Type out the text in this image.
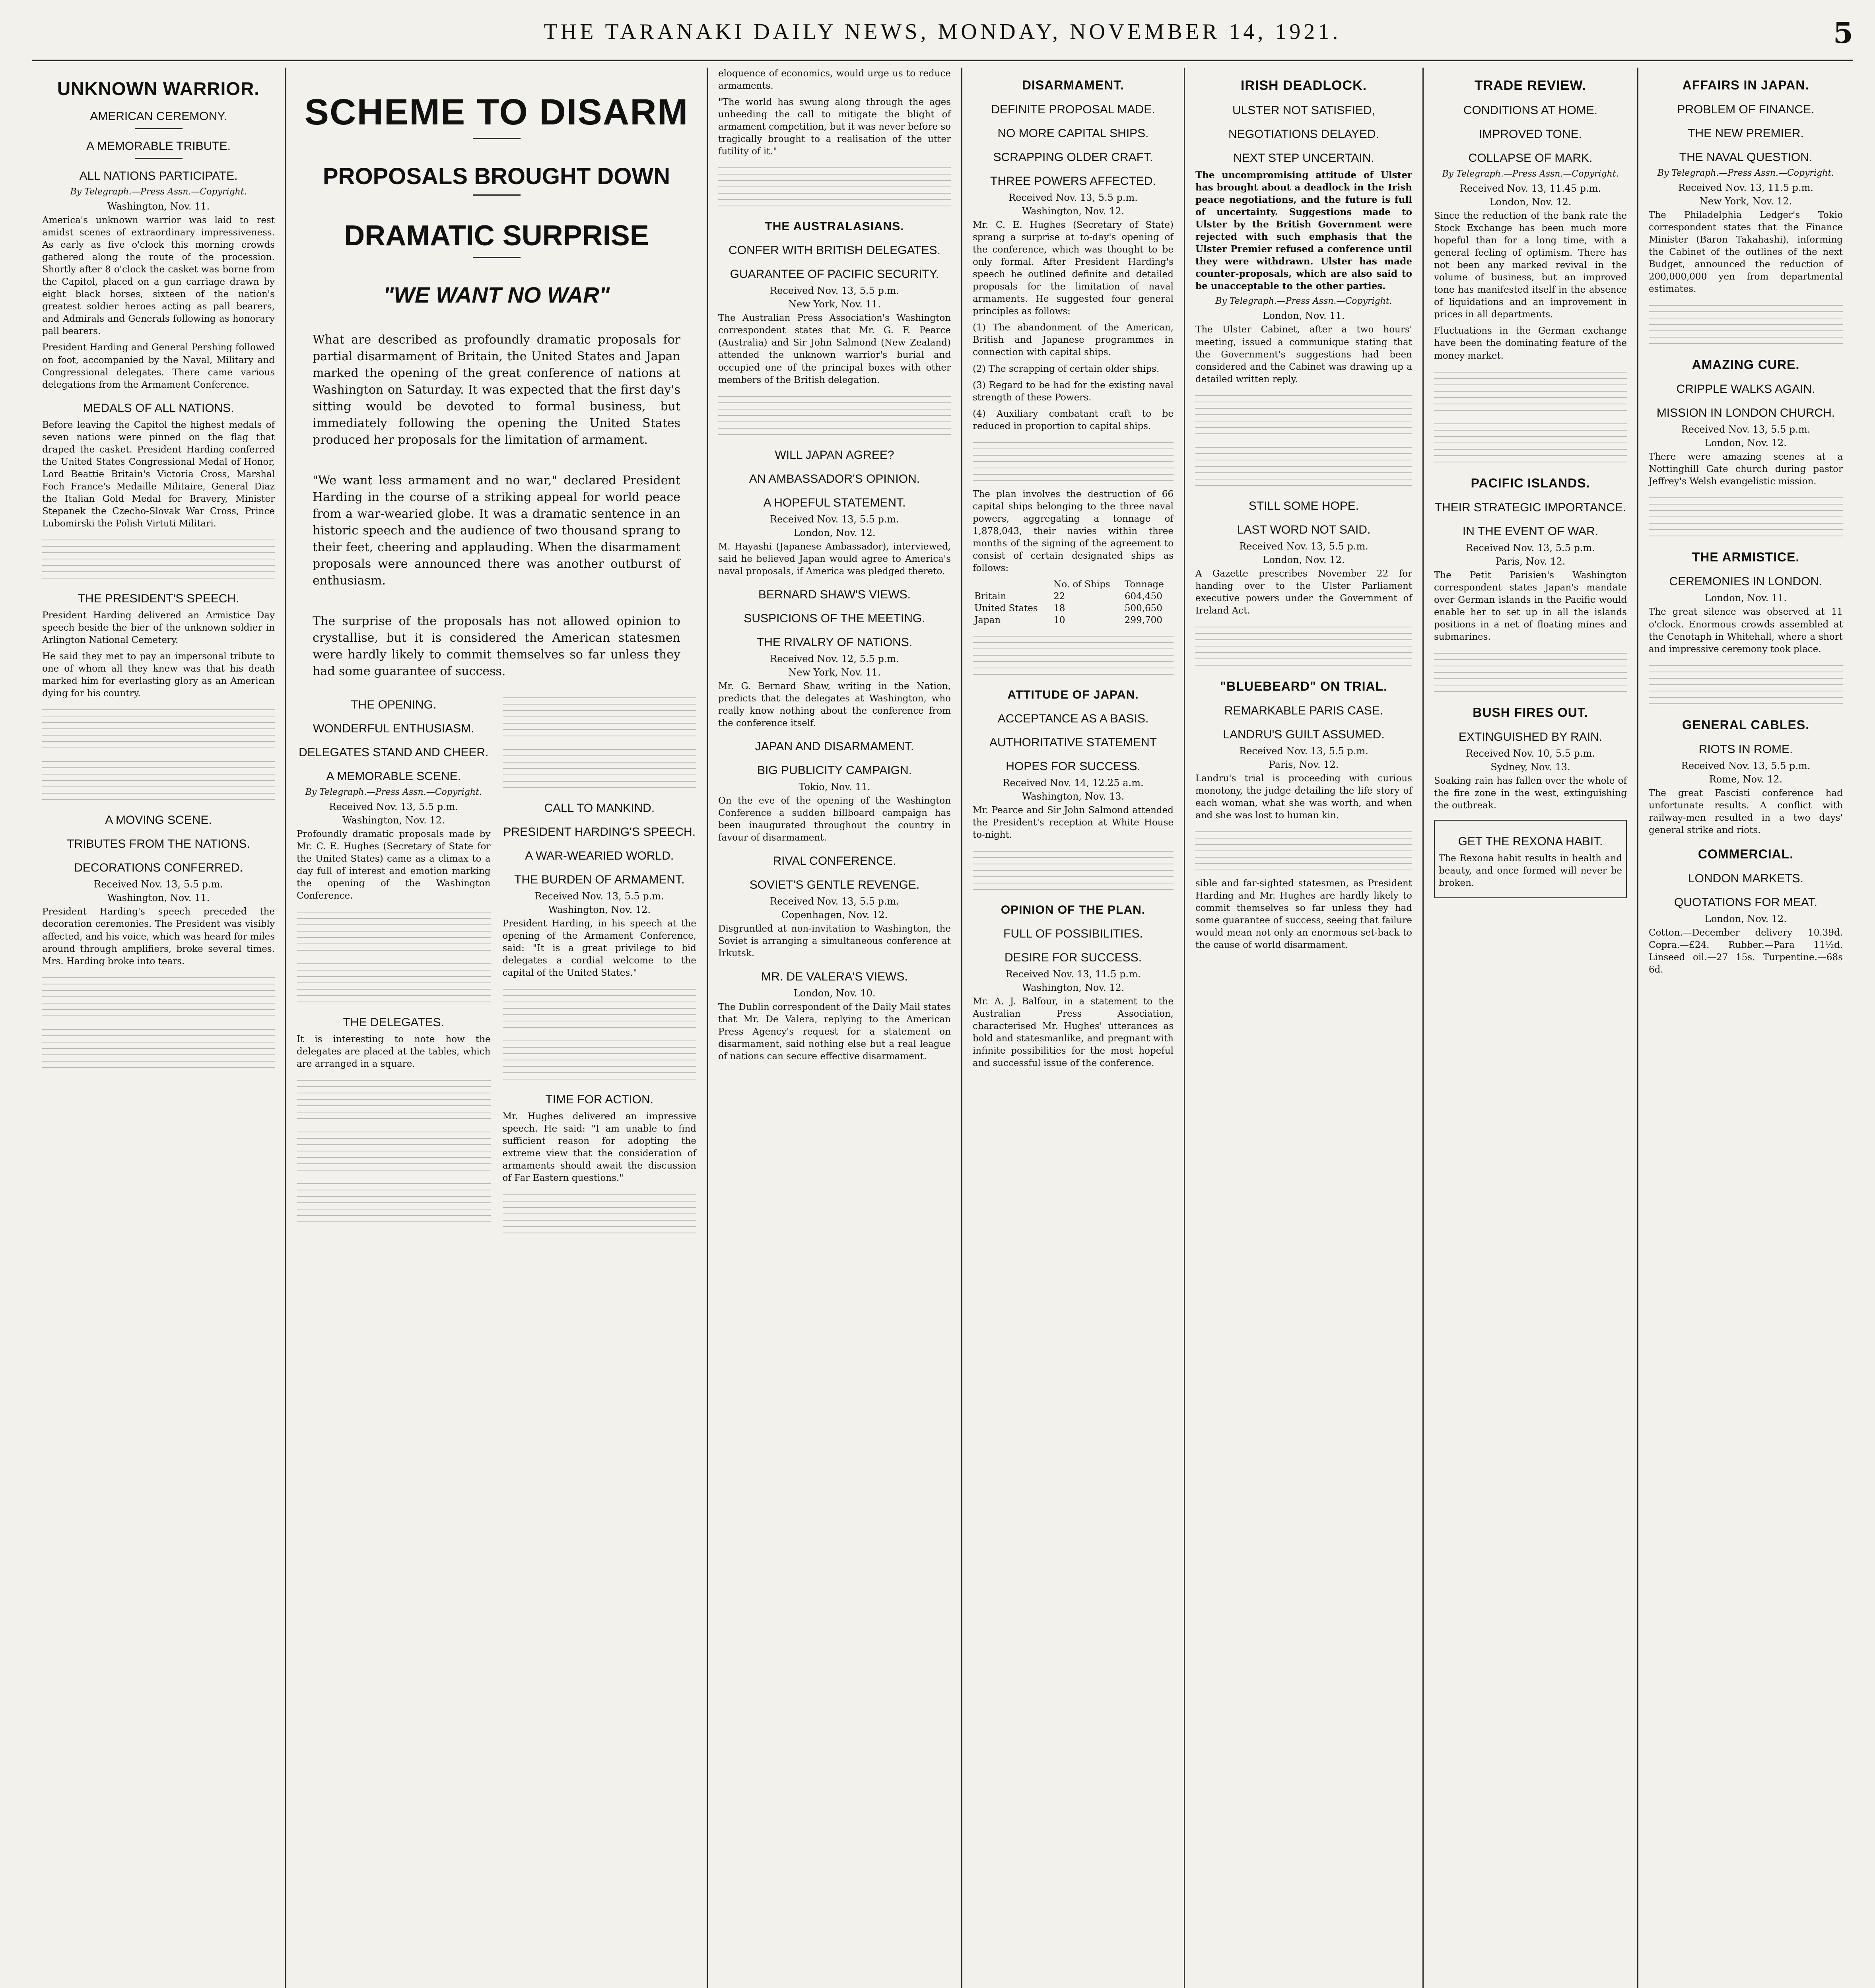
THE TARANAKI DAILY NEWS, MONDAY, NOVEMBER 14, 1921.	5
UNKNOWN WARRIOR.
AMERICAN CEREMONY.
A MEMORABLE TRIBUTE.
ALL NATIONS PARTICIPATE.
By Telegraph.—Press Assn.—Copyright.
Washington, Nov. 11.

America's unknown warrior was laid to rest amidst scenes of extraordinary impressiveness. As early as five o'clock this morning crowds gathered along the route of the procession. Shortly after 8 o'clock the casket was borne from the Capitol, placed on a gun carriage drawn by eight black horses, sixteen of the nation's greatest soldier heroes acting as pall bearers, and Admirals and Generals following as honorary pall bearers.

President Harding and General Pershing followed on foot, accompanied by the Naval, Military and Congressional delegates. There came various delegations from the Armament Conference.

MEDALS OF ALL NATIONS.

Before leaving the Capitol the highest medals of seven nations were pinned on the flag that draped the casket. President Harding conferred the United States Congressional Medal of Honor, Lord Beattie Britain's Victoria Cross, Marshal Foch France's Medaille Militaire, General Diaz the Italian Gold Medal for Bravery, Minister Stepanek the Czecho-Slovak War Cross, Prince Lubomirski the Polish Virtuti Militari.

THE PRESIDENT'S SPEECH.

President Harding delivered an Armistice Day speech beside the bier of the unknown soldier in Arlington National Cemetery.

He said they met to pay an impersonal tribute to one of whom all they knew was that his death marked him for everlasting glory as an American dying for his country.

A MOVING SCENE.
TRIBUTES FROM THE NATIONS.
DECORATIONS CONFERRED.
Received Nov. 13, 5.5 p.m.
Washington, Nov. 11.

President Harding's speech preceded the decoration ceremonies. The President was visibly affected, and his voice, which was heard for miles around through amplifiers, broke several times. Mrs. Harding broke into tears.

SCHEME TO DISARM
PROPOSALS BROUGHT DOWN
DRAMATIC SURPRISE
"WE WANT NO WAR"

What are described as profoundly dramatic proposals for partial disarmament of Britain, the United States and Japan marked the opening of the great conference of nations at Washington on Saturday. It was expected that the first day's sitting would be devoted to formal business, but immediately following the opening the United States produced her proposals for the limitation of armament.

"We want less armament and no war," declared President Harding in the course of a striking appeal for world peace from a war-wearied globe. It was a dramatic sentence in an historic speech and the audience of two thousand sprang to their feet, cheering and applauding. When the disarmament proposals were announced there was another outburst of enthusiasm.

The surprise of the proposals has not allowed opinion to crystallise, but it is considered the American statesmen were hardly likely to commit themselves so far unless they had some guarantee of success.

THE OPENING.
WONDERFUL ENTHUSIASM.
DELEGATES STAND AND CHEER.
A MEMORABLE SCENE.
By Telegraph.—Press Assn.—Copyright.
Received Nov. 13, 5.5 p.m.
Washington, Nov. 12.

Profoundly dramatic proposals made by Mr. C. E. Hughes (Secretary of State for the United States) came as a climax to a day full of interest and emotion marking the opening of the Washington Conference.

THE DELEGATES.

It is interesting to note how the delegates are placed at the tables, which are arranged in a square.

CALL TO MANKIND.
PRESIDENT HARDING'S SPEECH.
A WAR-WEARIED WORLD.
THE BURDEN OF ARMAMENT.
Received Nov. 13, 5.5 p.m.
Washington, Nov. 12.

President Harding, in his speech at the opening of the Armament Conference, said: "It is a great privilege to bid delegates a cordial welcome to the capital of the United States."

TIME FOR ACTION.

Mr. Hughes delivered an impressive speech. He said: "I am unable to find sufficient reason for adopting the extreme view that the consideration of armaments should await the discussion of Far Eastern questions."

eloquence of economics, would urge us to reduce armaments.

"The world has swung along through the ages unheeding the call to mitigate the blight of armament competition, but it was never before so tragically brought to a realisation of the utter futility of it."

THE AUSTRALASIANS.
CONFER WITH BRITISH DELEGATES.
GUARANTEE OF PACIFIC SECURITY.
Received Nov. 13, 5.5 p.m.
New York, Nov. 11.

The Australian Press Association's Washington correspondent states that Mr. G. F. Pearce (Australia) and Sir John Salmond (New Zealand) attended the unknown warrior's burial and occupied one of the principal boxes with other members of the British delegation.

WILL JAPAN AGREE?
AN AMBASSADOR'S OPINION.
A HOPEFUL STATEMENT.
Received Nov. 13, 5.5 p.m.
London, Nov. 12.

M. Hayashi (Japanese Ambassador), interviewed, said he believed Japan would agree to America's naval proposals, if America was pledged thereto.

BERNARD SHAW'S VIEWS.
SUSPICIONS OF THE MEETING.
THE RIVALRY OF NATIONS.
Received Nov. 12, 5.5 p.m.
New York, Nov. 11.

Mr. G. Bernard Shaw, writing in the Nation, predicts that the delegates at Washington, who really know nothing about the conference from the conference itself.

JAPAN AND DISARMAMENT.
BIG PUBLICITY CAMPAIGN.
Tokio, Nov. 11.

On the eve of the opening of the Washington Conference a sudden billboard campaign has been inaugurated throughout the country in favour of disarmament.

RIVAL CONFERENCE.
SOVIET'S GENTLE REVENGE.
Received Nov. 13, 5.5 p.m.
Copenhagen, Nov. 12.

Disgruntled at non-invitation to Washington, the Soviet is arranging a simultaneous conference at Irkutsk.

MR. DE VALERA'S VIEWS.
London, Nov. 10.

The Dublin correspondent of the Daily Mail states that Mr. De Valera, replying to the American Press Agency's request for a statement on disarmament, said nothing else but a real league of nations can secure effective disarmament.

DISARMAMENT.
DEFINITE PROPOSAL MADE.
NO MORE CAPITAL SHIPS.
SCRAPPING OLDER CRAFT.
THREE POWERS AFFECTED.
Received Nov. 13, 5.5 p.m.
Washington, Nov. 12.

Mr. C. E. Hughes (Secretary of State) sprang a surprise at to-day's opening of the conference, which was thought to be only formal. After President Harding's speech he outlined definite and detailed proposals for the limitation of naval armaments. He suggested four general principles as follows:

(1) The abandonment of the American, British and Japanese programmes in connection with capital ships.

(2) The scrapping of certain older ships.

(3) Regard to be had for the existing naval strength of these Powers.

(4) Auxiliary combatant craft to be reduced in proportion to capital ships.

The plan involves the destruction of 66 capital ships belonging to the three naval powers, aggregating a tonnage of 1,878,043, their navies within three months of the signing of the agreement to consist of certain designated ships as follows:

	No. of Ships	Tonnage
Britain	22	604,450
United States	18	500,650
Japan	10	299,700
ATTITUDE OF JAPAN.
ACCEPTANCE AS A BASIS.
AUTHORITATIVE STATEMENT
HOPES FOR SUCCESS.
Received Nov. 14, 12.25 a.m.
Washington, Nov. 13.

Mr. Pearce and Sir John Salmond attended the President's reception at White House to-night.

OPINION OF THE PLAN.
FULL OF POSSIBILITIES.
DESIRE FOR SUCCESS.
Received Nov. 13, 11.5 p.m.
Washington, Nov. 12.

Mr. A. J. Balfour, in a statement to the Australian Press Association, characterised Mr. Hughes' utterances as bold and statesmanlike, and pregnant with infinite possibilities for the most hopeful and successful issue of the conference.

IRISH DEADLOCK.
ULSTER NOT SATISFIED,
NEGOTIATIONS DELAYED.
NEXT STEP UNCERTAIN.

The uncompromising attitude of Ulster has brought about a deadlock in the Irish peace negotiations, and the future is full of uncertainty. Suggestions made to Ulster by the British Government were rejected with such emphasis that the Ulster Premier refused a conference until they were withdrawn. Ulster has made counter-proposals, which are also said to be unacceptable to the other parties.

By Telegraph.—Press Assn.—Copyright.
London, Nov. 11.

The Ulster Cabinet, after a two hours' meeting, issued a communique stating that the Government's suggestions had been considered and the Cabinet was drawing up a detailed written reply.

STILL SOME HOPE.
LAST WORD NOT SAID.
Received Nov. 13, 5.5 p.m.
London, Nov. 12.

A Gazette prescribes November 22 for handing over to the Ulster Parliament executive powers under the Government of Ireland Act.

"BLUEBEARD" ON TRIAL.
REMARKABLE PARIS CASE.
LANDRU'S GUILT ASSUMED.
Received Nov. 13, 5.5 p.m.
Paris, Nov. 12.

Landru's trial is proceeding with curious monotony, the judge detailing the life story of each woman, what she was worth, and when and she was lost to human kin.

sible and far-sighted statesmen, as President Harding and Mr. Hughes are hardly likely to commit themselves so far unless they had some guarantee of success, seeing that failure would mean not only an enormous set-back to the cause of world disarmament.

TRADE REVIEW.
CONDITIONS AT HOME.
IMPROVED TONE.
COLLAPSE OF MARK.
By Telegraph.—Press Assn.—Copyright.
Received Nov. 13, 11.45 p.m.
London, Nov. 12.

Since the reduction of the bank rate the Stock Exchange has been much more hopeful than for a long time, with a general feeling of optimism. There has not been any marked revival in the volume of business, but an improved tone has manifested itself in the absence of liquidations and an improvement in prices in all departments.

Fluctuations in the German exchange have been the dominating feature of the money market.

PACIFIC ISLANDS.
THEIR STRATEGIC IMPORTANCE.
IN THE EVENT OF WAR.
Received Nov. 13, 5.5 p.m.
Paris, Nov. 12.

The Petit Parisien's Washington correspondent states Japan's mandate over German islands in the Pacific would enable her to set up in all the islands positions in a net of floating mines and submarines.

BUSH FIRES OUT.
EXTINGUISHED BY RAIN.
Received Nov. 10, 5.5 p.m.
Sydney, Nov. 13.

Soaking rain has fallen over the whole of the fire zone in the west, extinguishing the outbreak.

GET THE REXONA HABIT.

The Rexona habit results in health and beauty, and once formed will never be broken.

AFFAIRS IN JAPAN.
PROBLEM OF FINANCE.
THE NEW PREMIER.
THE NAVAL QUESTION.
By Telegraph.—Press Assn.—Copyright.
Received Nov. 13, 11.5 p.m.
New York, Nov. 12.

The Philadelphia Ledger's Tokio correspondent states that the Finance Minister (Baron Takahashi), informing the Cabinet of the outlines of the next Budget, announced the reduction of 200,000,000 yen from departmental estimates.

AMAZING CURE.
CRIPPLE WALKS AGAIN.
MISSION IN LONDON CHURCH.
Received Nov. 13, 5.5 p.m.
London, Nov. 12.

There were amazing scenes at a Nottinghill Gate church during pastor Jeffrey's Welsh evangelistic mission.

THE ARMISTICE.
CEREMONIES IN LONDON.
London, Nov. 11.

The great silence was observed at 11 o'clock. Enormous crowds assembled at the Cenotaph in Whitehall, where a short and impressive ceremony took place.

GENERAL CABLES.
RIOTS IN ROME.
Received Nov. 13, 5.5 p.m.
Rome, Nov. 12.

The great Fascisti conference had unfortunate results. A conflict with railway-men resulted in a two days' general strike and riots.

COMMERCIAL.
LONDON MARKETS.
QUOTATIONS FOR MEAT.
London, Nov. 12.

Cotton.—December delivery 10.39d. Copra.—£24. Rubber.—Para 11½d. Linseed oil.—27 15s. Turpentine.—68s 6d.
